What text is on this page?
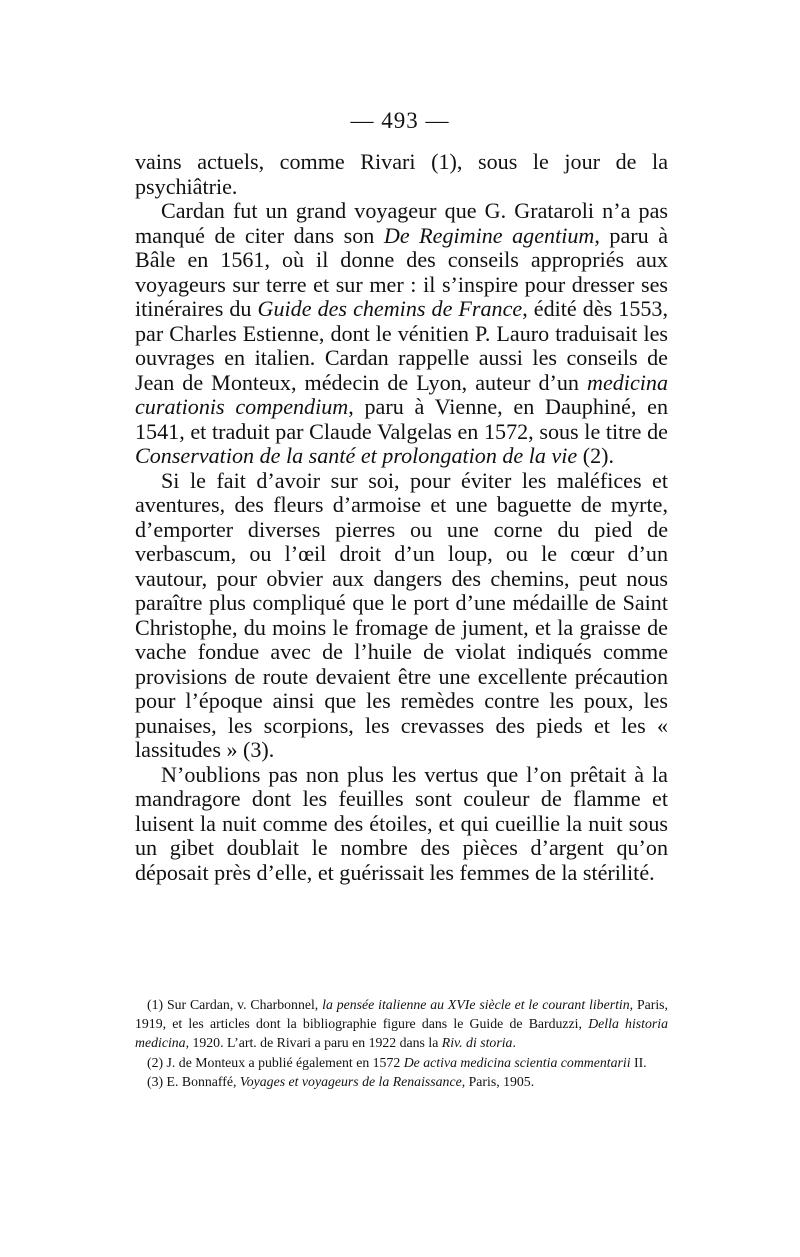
— 493 —

vains actuels, comme Rivari (1), sous le jour de la psychiâtrie.

Cardan fut un grand voyageur que G. Grataroli n’a pas manqué de citer dans son De Regimine agentium, paru à Bâle en 1561, où il donne des conseils appropriés aux voyageurs sur terre et sur mer : il s’inspire pour dresser ses itinéraires du Guide des chemins de France, édité dès 1553, par Charles Estienne, dont le vénitien P. Lauro traduisait les ouvrages en italien. Cardan rappelle aussi les conseils de Jean de Monteux, médecin de Lyon, auteur d’un medicina curationis compendium, paru à Vienne, en Dauphiné, en 1541, et traduit par Claude Valgelas en 1572, sous le titre de Conservation de la santé et prolongation de la vie (2).

Si le fait d’avoir sur soi, pour éviter les maléfices et aventures, des fleurs d’armoise et une baguette de myrte, d’emporter diverses pierres ou une corne du pied de verbascum, ou l’œil droit d’un loup, ou le cœur d’un vautour, pour obvier aux dangers des chemins, peut nous paraître plus compliqué que le port d’une médaille de Saint Christophe, du moins le fromage de jument, et la graisse de vache fondue avec de l’huile de violat indiqués comme provisions de route devaient être une excellente précaution pour l’époque ainsi que les remèdes contre les poux, les punaises, les scorpions, les crevasses des pieds et les « lassitudes » (3).

N’oublions pas non plus les vertus que l’on prêtait à la mandragore dont les feuilles sont couleur de flamme et luisent la nuit comme des étoiles, et qui cueillie la nuit sous un gibet doublait le nombre des pièces d’argent qu’on déposait près d’elle, et guérissait les femmes de la stérilité.

(1) Sur Cardan, v. Charbonnel, la pensée italienne au XVIe siècle et le courant libertin, Paris, 1919, et les articles dont la bibliographie figure dans le Guide de Barduzzi, Della historia medicina, 1920. L’art. de Rivari a paru en 1922 dans la Riv. di storia.

(2) J. de Monteux a publié également en 1572 De activa medicina scientia commentarii II.

(3) E. Bonnaffé, Voyages et voyageurs de la Renaissance, Paris, 1905.
